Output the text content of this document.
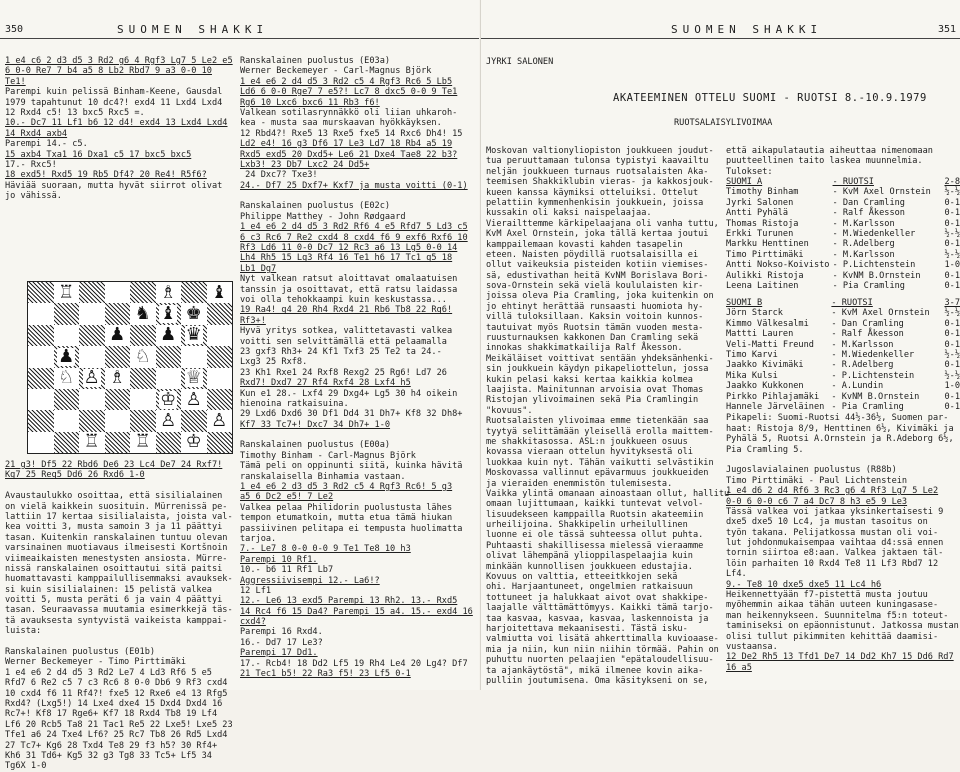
350	SUOMEN SHAKKI
1 e4 c6 2 d3 d5 3 Rd2 g6 4 Rgf3 Lg7 5 Le2 e5
6 0-0 Re7 7 b4 a5 8 Lb2 Rbd7 9 a3 0-0 10
Te1!
Parempi kuin pelissä Binham-Keene, Gausdal
1979 tapahtunut 10 dc4?! exd4 11 Lxd4 Lxd4
12 Rxd4 c5! 13 bxc5 Rxc5 =.
10.- Dc7 11 Lf1 b6 12 d4! exd4 13 Lxd4 Lxd4
14 Rxd4 axb4
Parempi 14.- c5.
15 axb4 Txa1 16 Dxa1 c5 17 bxc5 bxc5
17.- Rxc5!
18 exd5! Rxd5 19 Rb5 Df4? 20 Re4! R5f6?
Häviää suoraan, mutta hyvät siirrot olivat
jo vähissä.
♖	♗ ♝
♞ ♝ ♚
♟ ♟ ♛
♟	♘
♘ ♙ ♗	♕
♔ ♙
♙ ♙
♖ ♖ ♔
21 g3! Df5 22 Rbd6 De6 23 Lc4 De7 24 Rxf7!
Kg7 25 Reg5 Dd6 26 Rxd6 1-0
Avaustaulukko osoittaa, että sisilialainen
on vielä kaikkein suosituin. Mürrenissä pe-
lattiin 17 kertaa sisilialaista, joista val-
kea voitti 3, musta samoin 3 ja 11 päättyi
tasan. Kuitenkin ranskalainen tuntuu olevan
varsinainen muotiavaus ilmeisesti Kortšnoin
viimeaikaisten menestysten ansiosta. Mürre-
nissä ranskalainen osoittautui sitä paitsi
huomattavasti kamppailullisemmaksi avauksek-
si kuin sisilialainen: 15 pelistä valkea
voitti 5, musta peräti 6 ja vain 4 päättyi
tasan. Seuraavassa muutamia esimerkkejä täs-
tä avauksesta syntyvistä vaikeista kamppai-
luista:
Ranskalainen puolustus (E01b)
Werner Beckemeyer - Timo Pirttimäki
1 e4 e6 2 d4 d5 3 Rd2 Le7 4 Ld3 Rf6 5 e5
Rfd7 6 Re2 c5 7 c3 Rc6 8 0-0 Db6 9 Rf3 cxd4
10 cxd4 f6 11 Rf4?! fxe5 12 Rxe6 e4 13 Rfg5
Rxd4? (Lxg5!) 14 Lxe4 dxe4 15 Dxd4 Dxd4 16
Rc7+! Kf8 17 Rge6+ Kf7 18 Rxd4 Tb8 19 Lf4
Lf6 20 Rcb5 Ta8 21 Tac1 Re5 22 Lxe5! Lxe5 23
Tfe1 a6 24 Txe4 Lf6? 25 Rc7 Tb8 26 Rd5 Lxd4
27 Tc7+ Kg6 28 Txd4 Te8 29 f3 h5? 30 Rf4+
Kh6 31 Td6+ Kg5 32 g3 Tg8 33 Tc5+ Lf5 34
Tg6X 1-0
Ranskalainen puolustus (E03a)
Werner Beckemeyer - Carl-Magnus Björk
1 e4 e6 2 d4 d5 3 Rd2 c5 4 Rgf3 Rc6 5 Lb5
Ld6 6 0-0 Rge7 7 e5?! Lc7 8 dxc5 0-0 9 Te1
Rg6 10 Lxc6 bxc6 11 Rb3 f6!
Valkean sotilasrynnäkkö oli liian uhkaroh-
kea - musta saa murskaavan hyökkäyksen.
12 Rbd4?! Rxe5 13 Rxe5 fxe5 14 Rxc6 Dh4! 15
Ld2 e4! 16 g3 Df6 17 Le3 Ld7 18 Rb4 a5 19
Rxd5 exd5 20 Dxd5+ Le6 21 Dxe4 Tae8 22 b3?
Lxb3! 23 Db7 Lxc2 24 Dd5+
24 Dxc7? Txe3!
24.- Df7 25 Dxf7+ Kxf7 ja musta voitti (0-1)
Ranskalainen puolustus (E02c)
Philippe Matthey - John Rødgaard
1 e4 e6 2 d4 d5 3 Rd2 Rf6 4 e5 Rfd7 5 Ld3 c5
6 c3 Rc6 7 Re2 cxd4 8 cxd4 f6 9 exf6 Rxf6 10
Rf3 Ld6 11 0-0 Dc7 12 Rc3 a6 13 Lg5 0-0 14
Lh4 Rh5 15 Lg3 Rf4 16 Te1 h6 17 Tc1 g5 18
Lb1 Dg7
Nyt valkean ratsut aloittavat omalaatuisen
tanssin ja osoittavat, että ratsu laidassa
voi olla tehokkaampi kuin keskustassa...
19 Ra4! g4 20 Rh4 Rxd4 21 Rb6 Tb8 22 Rg6!
Rf3+!
Hyvä yritys sotkea, valittetavasti valkea
voitti sen selvittämällä että pelaamalla
23 gxf3 Rh3+ 24 Kf1 Txf3 25 Te2 ta 24.-
Lxg3 25 Rxf8.
23 Kh1 Rxe1 24 Rxf8 Rexg2 25 Rg6! Ld7 26
Rxd7! Dxd7 27 Rf4 Rxf4 28 Lxf4 h5
Kun e1 28.- Lxf4 29 Dxg4+ Lg5 30 h4 oikein
hienoina ratkaisuina.
29 Lxd6 Dxd6 30 Df1 Dd4 31 Dh7+ Kf8 32 Dh8+
Kf7 33 Tc7+! Dxc7 34 Dh7+ 1-0
Ranskalainen puolustus (E00a)
Timothy Binham - Carl-Magnus Björk
Tämä peli on oppinunti siitä, kuinka hävitä
ranskalaisella Binhamia vastaan.
1 e4 e6 2 d3 d5 3 Rd2 c5 4 Rgf3 Rc6! 5 g3
a5 6 Dc2 e5! 7 Le2
Valkea pelaa Philidorin puolustusta lähes
tempon etumatkoin, mutta etua tämä hiukan
passiivinen pelitapa ei tempusta huolimatta
tarjoa.
7.- Le7 8 0-0 0-0 9 Te1 Te8 10 h3
Parempi 10 Rf1.
10.- b6 11 Rf1 Lb7
Aggressiivisempi 12.- La6!?
12 Lf1
12.- Le6 13 exd5 Parempi 13 Rh2. 13.- Rxd5
14 Rc4 f6 15 Da4? Parempi 15 a4. 15.- exd4 16
cxd4?
Parempi 16 Rxd4.
16.- Dd7 17 Le3?
Parempi 17 Dd1.
17.- Rcb4! 18 Dd2 Lf5 19 Rh4 Le4 20 Lg4? Df7
21 Tec1 b5! 22 Ra3 f5! 23 Lf5 0-1
SUOMEN SHAKKI	351
JYRKI SALONEN
AKATEEMINEN OTTELU SUOMI - RUOTSI 8.-10.9.1979
RUOTSALAISYLIVOIMAA
Moskovan valtionyliopiston joukkueen joudut-
tua peruuttamaan tulonsa typistyi kaavailtu
neljän joukkueen turnaus ruotsalaisten Aka-
teemisen Shakkiklubin vieras- ja kakkosjouk-
kueen kanssa käymiksi otteluiksi. Ottelut
pelattiin kymmenhenkisin joukkuein, joissa
kussakin oli kaksi naispelaajaa.
Vierailttemme kärkipelaajana oli vanha tuttu,
KvM Axel Ornstein, joka tällä kertaa joutui
kamppailemaan kovasti kahden tasapelin
eteen. Naisten pöydillä ruotsalaisilla ei
ollut vaikeuksia pisteiden kotiin viemises-
sä, edustivathan heitä KvNM Borislava Bori-
sova-Ornstein sekä vielä koululaisten kir-
joissa oleva Pia Cramling, joka kuitenkin on
jo ehtinyt herättää runsaasti huomiota hy-
villä tuloksillaan. Kaksin voitoin kunnos-
tautuivat myös Ruotsin tämän vuoden mesta-
ruusturnauksen kakkonen Dan Cramling sekä
innokas shakkimatkailija Ralf Åkesson.
Meikäläiset voittivat sentään yhdeksänhenki-
sin joukkuein käydyn pikapeliottelun, jossa
kukin pelasi kaksi kertaa kaikkia kolmea
laajista. Mainitunnan arvoisia ovat Thomas
Ristojan ylivoimainen sekä Pia Cramlingin
"kovuus".
Ruotsalaisten ylivoimaa emme tietenkään saa
tyytyä selittämään yleisellä erolla maittem-
me shakkitasossa. ASL:n joukkueen osuus
kovassa vieraan ottelun hyvityksestä oli
luokkaa kuin nyt. Tähän vaikutti selvästikin
Moskovassa vallinnut epävarmuus joukkueiden
ja vieraiden enemmistön tulemisesta.
Vaikka ylintä omanaan ainoastaan ollut, hallitu
omaan lujittumaan, kaikki tuntevat velvol-
lisuudekseen kamppailla Ruotsin akateemiin
urheilijoina. Shakkipelin urheilullinen
luonne ei ole tässä suhteessa ollut puhta.
Puhtaasti shakillisessa mielessä vieraamme
olivat lähempänä ylioppilaspelaajia kuin
minkään kunnollisen joukkueen edustajia.
Kovuus on valttia, etteeitkkojen sekä
ohi. Harjaantuneet, ongelmien ratkaisuun
tottuneet ja halukkaat aivot ovat shakkipe-
laajalle välttämättömyys. Kaikki tämä tarjo-
taa kasvaa, kasvaa, kasvaa, laskennoista ja
harjoitettava mekaanisesti. Tästä isku-
valmiutta voi lisätä ahkerttimalla kuvioaase-
mia ja niin, kun niin niihin törmää. Pahin on
puhuttu nuorten pelaajien "epätaloudellisuu-
ta ajankäytöstä", mikä ilmenee kovin aika-
pulliin joutumisena. Oma käsitykseni on se,
että aikapulatautia aiheuttaa nimenomaan
puutteellinen taito laskea muunnelmia.
Tulokset:
SUOMI A	- RUOTSI	2-8
Timothy Binham	- KvM Axel Ornstein	½-½
Jyrki Salonen	- Dan Cramling	0-1
Antti Pyhälä	- Ralf Åkesson	0-1
Thomas Ristoja	- M.Karlsson	0-1
Erkki Turunen	- M.Wiedenkeller	½-½
Markku Henttinen	- R.Adelberg	0-1
Timo Pirttimäki	- M.Karlsson	½-½
Antti Nokso-Koivisto	- P.Lichtenstein	1-0
Aulikki Ristoja	- KvNM B.Ornstein	0-1
Leena Laitinen	- Pia Cramling	0-1
SUOMI B	- RUOTSI	3-7
Jörn Starck	- KvM Axel Ornstein	½-½
Kimmo Välkesalmi	- Dan Cramling	0-1
Mattti Lauren	- Ralf Åkesson	0-1
Veli-Matti Freund	- M.Karlsson	0-1
Timo Karvi	- M.Wiedenkeller	½-½
Jaakko Kivimäki	- R.Adelberg	0-1
Mika Kulsi	- P.Lichtenstein	½-½
Jaakko Kukkonen	- A.Lundin	1-0
Pirkko Pihlajamäki	- KvNM B.Ornstein	0-1
Hannele Järveläinen	- Pia Cramling	0-1
Pikapeli: Suomi-Ruotsi 44½-36½, Suomen par-
haat: Ristoja 8/9, Henttinen 6½, Kivimäki ja
Pyhälä 5, Ruotsi A.Ornstein ja R.Adeborg 6½,
Pia Cramling 5.
Jugoslavialainen puolustus (R88b)
Timo Pirttimäki - Paul Lichtenstein
1 e4 d6 2 d4 Rf6 3 Rc3 g6 4 Rf3 Lg7 5 Le2
0-0 6 0-0 c6 7 a4 Dc7 8 h3 e5 9 Le3
Tässä valkea voi jatkaa yksinkertaisesti 9
dxe5 dxe5 10 Lc4, ja mustan tasoitus on
työn takana. Pelijatkossa mustan oli voi-
lut johdonmukaisempaa vaihtaa d4:ssä ennen
tornin siirtoa e8:aan. Valkea jaktaen täl-
löin parhaiten 10 Rxd4 Te8 11 Lf3 Rbd7 12
Lf4.
9.- Te8 10 dxe5 dxe5 11 Lc4 h6
Heikennettyään f7-pistettä musta joutuu
myöhemmin aikaa tähän uuteen kuningasase-
man heikennykseen. Suunnitelma f5:n toteut-
taminiseksi on epäonnistunut. Jatkossa mustan
olisi tullut pikimmiten kehittää daamisi-
vustaansa.
12 De2 Rh5 13 Tfd1 De7 14 Dd2 Kh7 15 Dd6 Rd7
16 a5
